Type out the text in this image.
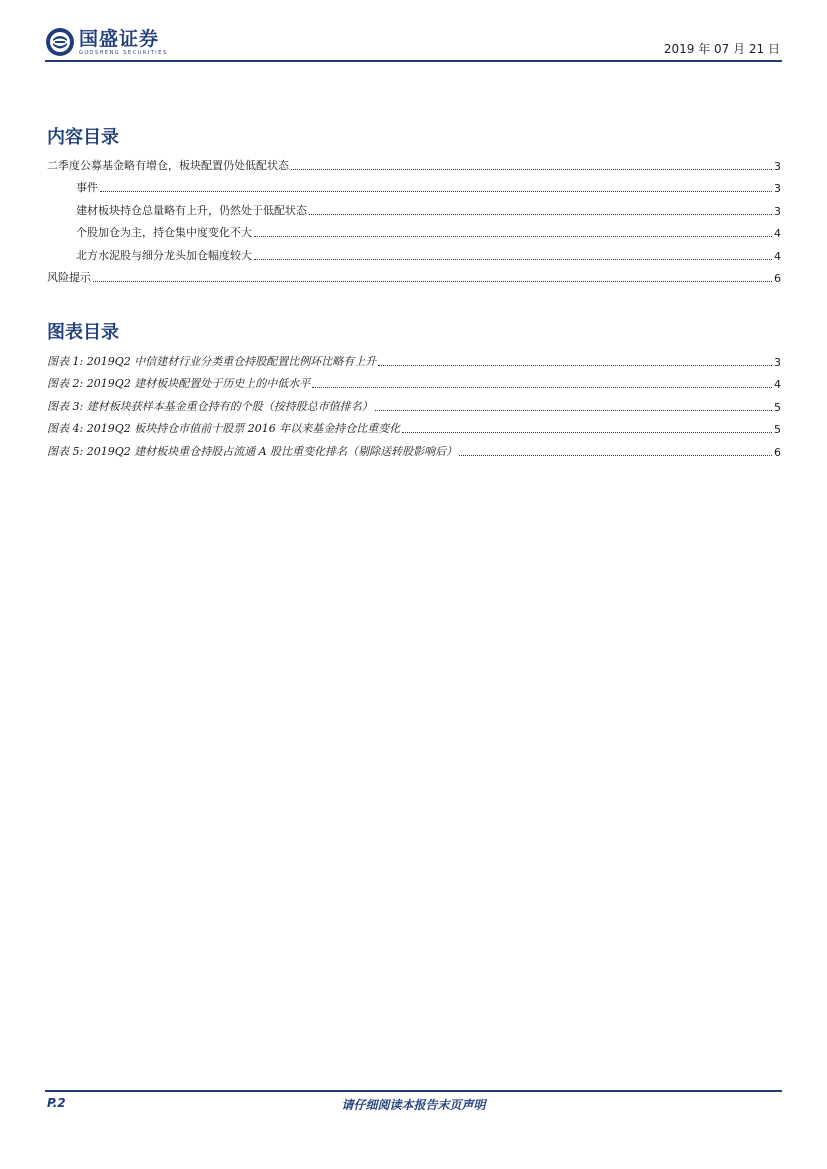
国盛证券
GUOSHENG SECURITIES	2019 年 07 月 21 日
内容目录
二季度公募基金略有增仓，板块配置仍处低配状态	3
事件	3
建材板块持仓总量略有上升，仍然处于低配状态	3
个股加仓为主，持仓集中度变化不大	4
北方水泥股与细分龙头加仓幅度较大	4
风险提示	6
图表目录
图表 1: 2019Q2 中信建材行业分类重仓持股配置比例环比略有上升	3
图表 2: 2019Q2 建材板块配置处于历史上的中低水平	4
图表 3: 建材板块获样本基金重仓持有的个股（按持股总市值排名）	5
图表 4: 2019Q2 板块持仓市值前十股票 2016 年以来基金持仓比重变化	5
图表 5: 2019Q2 建材板块重仓持股占流通 A 股比重变化排名（剔除送转股影响后）	6
请仔细阅读本报告末页声明
P.2
